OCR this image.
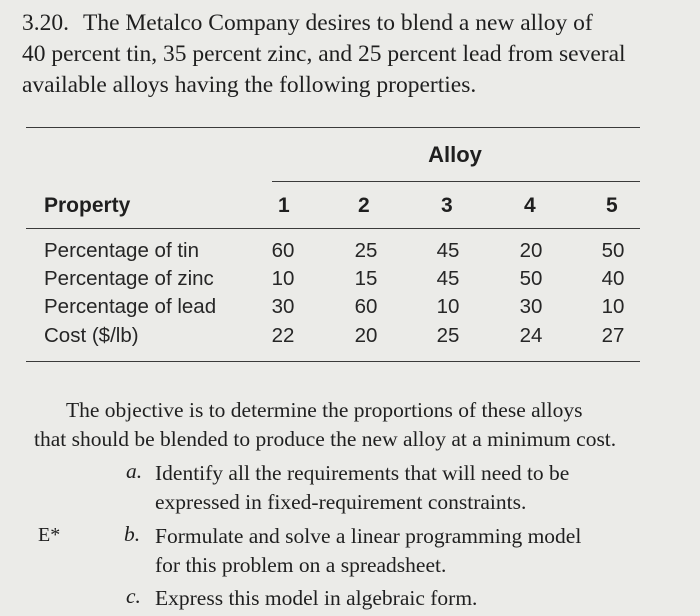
3.20. The Metalco Company desires to blend a new alloy of
40 percent tin, 35 percent zinc, and 25 percent lead from several
available alloys having the following properties.
Alloy
Property	1	2	3	4	5
Percentage of tin	60	25	45	20	50
Percentage of zinc	10	15	45	50	40
Percentage of lead	30	60	10	30	10
Cost ($/lb)	22	20	25	24	27
The objective is to determine the proportions of these alloys
that should be blended to produce the new alloy at a minimum cost.
a. Identify all the requirements that will need to be
expressed in fixed-requirement constraints.
E*	b. Formulate and solve a linear programming model
for this problem on a spreadsheet.
c. Express this model in algebraic form.
